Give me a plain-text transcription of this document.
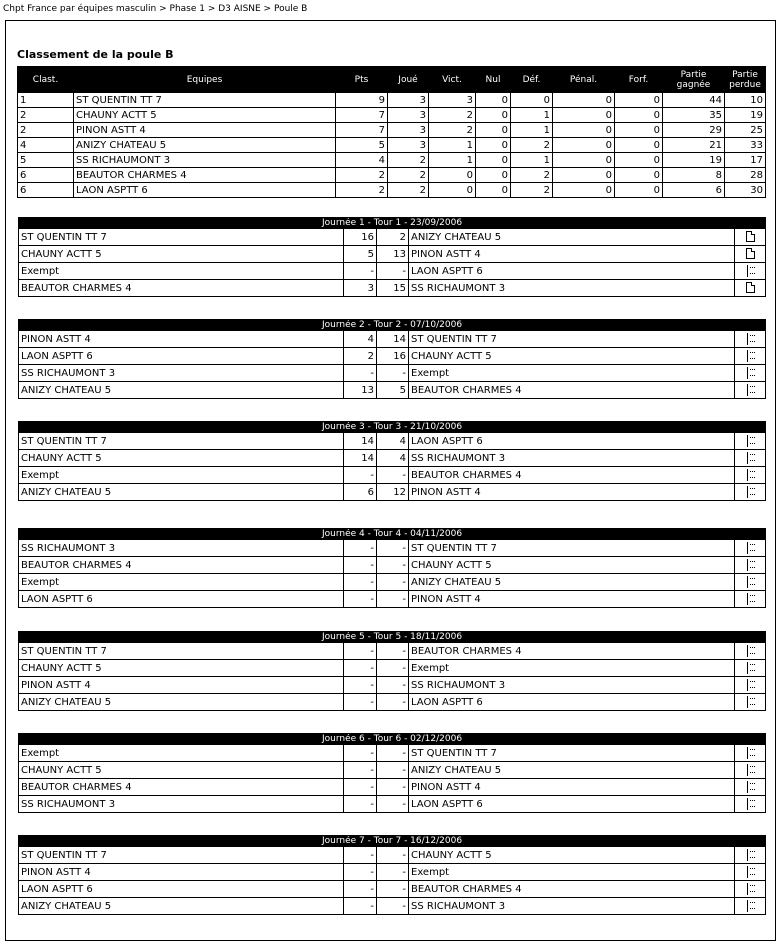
Chpt France par équipes masculin > Phase 1 > D3 AISNE > Poule B
Classement de la poule B
Clast.	Equipes	Pts	Joué	Vict.	Nul	Déf.	Pénal.	Forf.	Partie gagnée	Partie perdue
1	ST QUENTIN TT 7	9	3	3	0	0	0	0	44	10
2	CHAUNY ACTT 5	7	3	2	0	1	0	0	35	19
2	PINON ASTT 4	7	3	2	0	1	0	0	29	25
4	ANIZY CHATEAU 5	5	3	1	0	2	0	0	21	33
5	SS RICHAUMONT 3	4	2	1	0	1	0	0	19	17
6	BEAUTOR CHARMES 4	2	2	0	0	2	0	0	8	28
6	LAON ASPTT 6	2	2	0	0	2	0	0	6	30
Journée 1 - Tour 1 - 23/09/2006				
ST QUENTIN TT 7	16	2	ANIZY CHATEAU 5	
CHAUNY ACTT 5	5	13	PINON ASTT 4	
Exempt	-	-	LAON ASPTT 6	
BEAUTOR CHARMES 4	3	15	SS RICHAUMONT 3	
Journée 2 - Tour 2 - 07/10/2006				
PINON ASTT 4	4	14	ST QUENTIN TT 7	
LAON ASPTT 6	2	16	CHAUNY ACTT 5	
SS RICHAUMONT 3	-	-	Exempt	
ANIZY CHATEAU 5	13	5	BEAUTOR CHARMES 4	
Journée 3 - Tour 3 - 21/10/2006				
ST QUENTIN TT 7	14	4	LAON ASPTT 6	
CHAUNY ACTT 5	14	4	SS RICHAUMONT 3	
Exempt	-	-	BEAUTOR CHARMES 4	
ANIZY CHATEAU 5	6	12	PINON ASTT 4	
Journée 4 - Tour 4 - 04/11/2006				
SS RICHAUMONT 3	-	-	ST QUENTIN TT 7	
BEAUTOR CHARMES 4	-	-	CHAUNY ACTT 5	
Exempt	-	-	ANIZY CHATEAU 5	
LAON ASPTT 6	-	-	PINON ASTT 4	
Journée 5 - Tour 5 - 18/11/2006				
ST QUENTIN TT 7	-	-	BEAUTOR CHARMES 4	
CHAUNY ACTT 5	-	-	Exempt	
PINON ASTT 4	-	-	SS RICHAUMONT 3	
ANIZY CHATEAU 5	-	-	LAON ASPTT 6	
Journée 6 - Tour 6 - 02/12/2006				
Exempt	-	-	ST QUENTIN TT 7	
CHAUNY ACTT 5	-	-	ANIZY CHATEAU 5	
BEAUTOR CHARMES 4	-	-	PINON ASTT 4	
SS RICHAUMONT 3	-	-	LAON ASPTT 6	
Journée 7 - Tour 7 - 16/12/2006				
ST QUENTIN TT 7	-	-	CHAUNY ACTT 5	
PINON ASTT 4	-	-	Exempt	
LAON ASPTT 6	-	-	BEAUTOR CHARMES 4	
ANIZY CHATEAU 5	-	-	SS RICHAUMONT 3	
